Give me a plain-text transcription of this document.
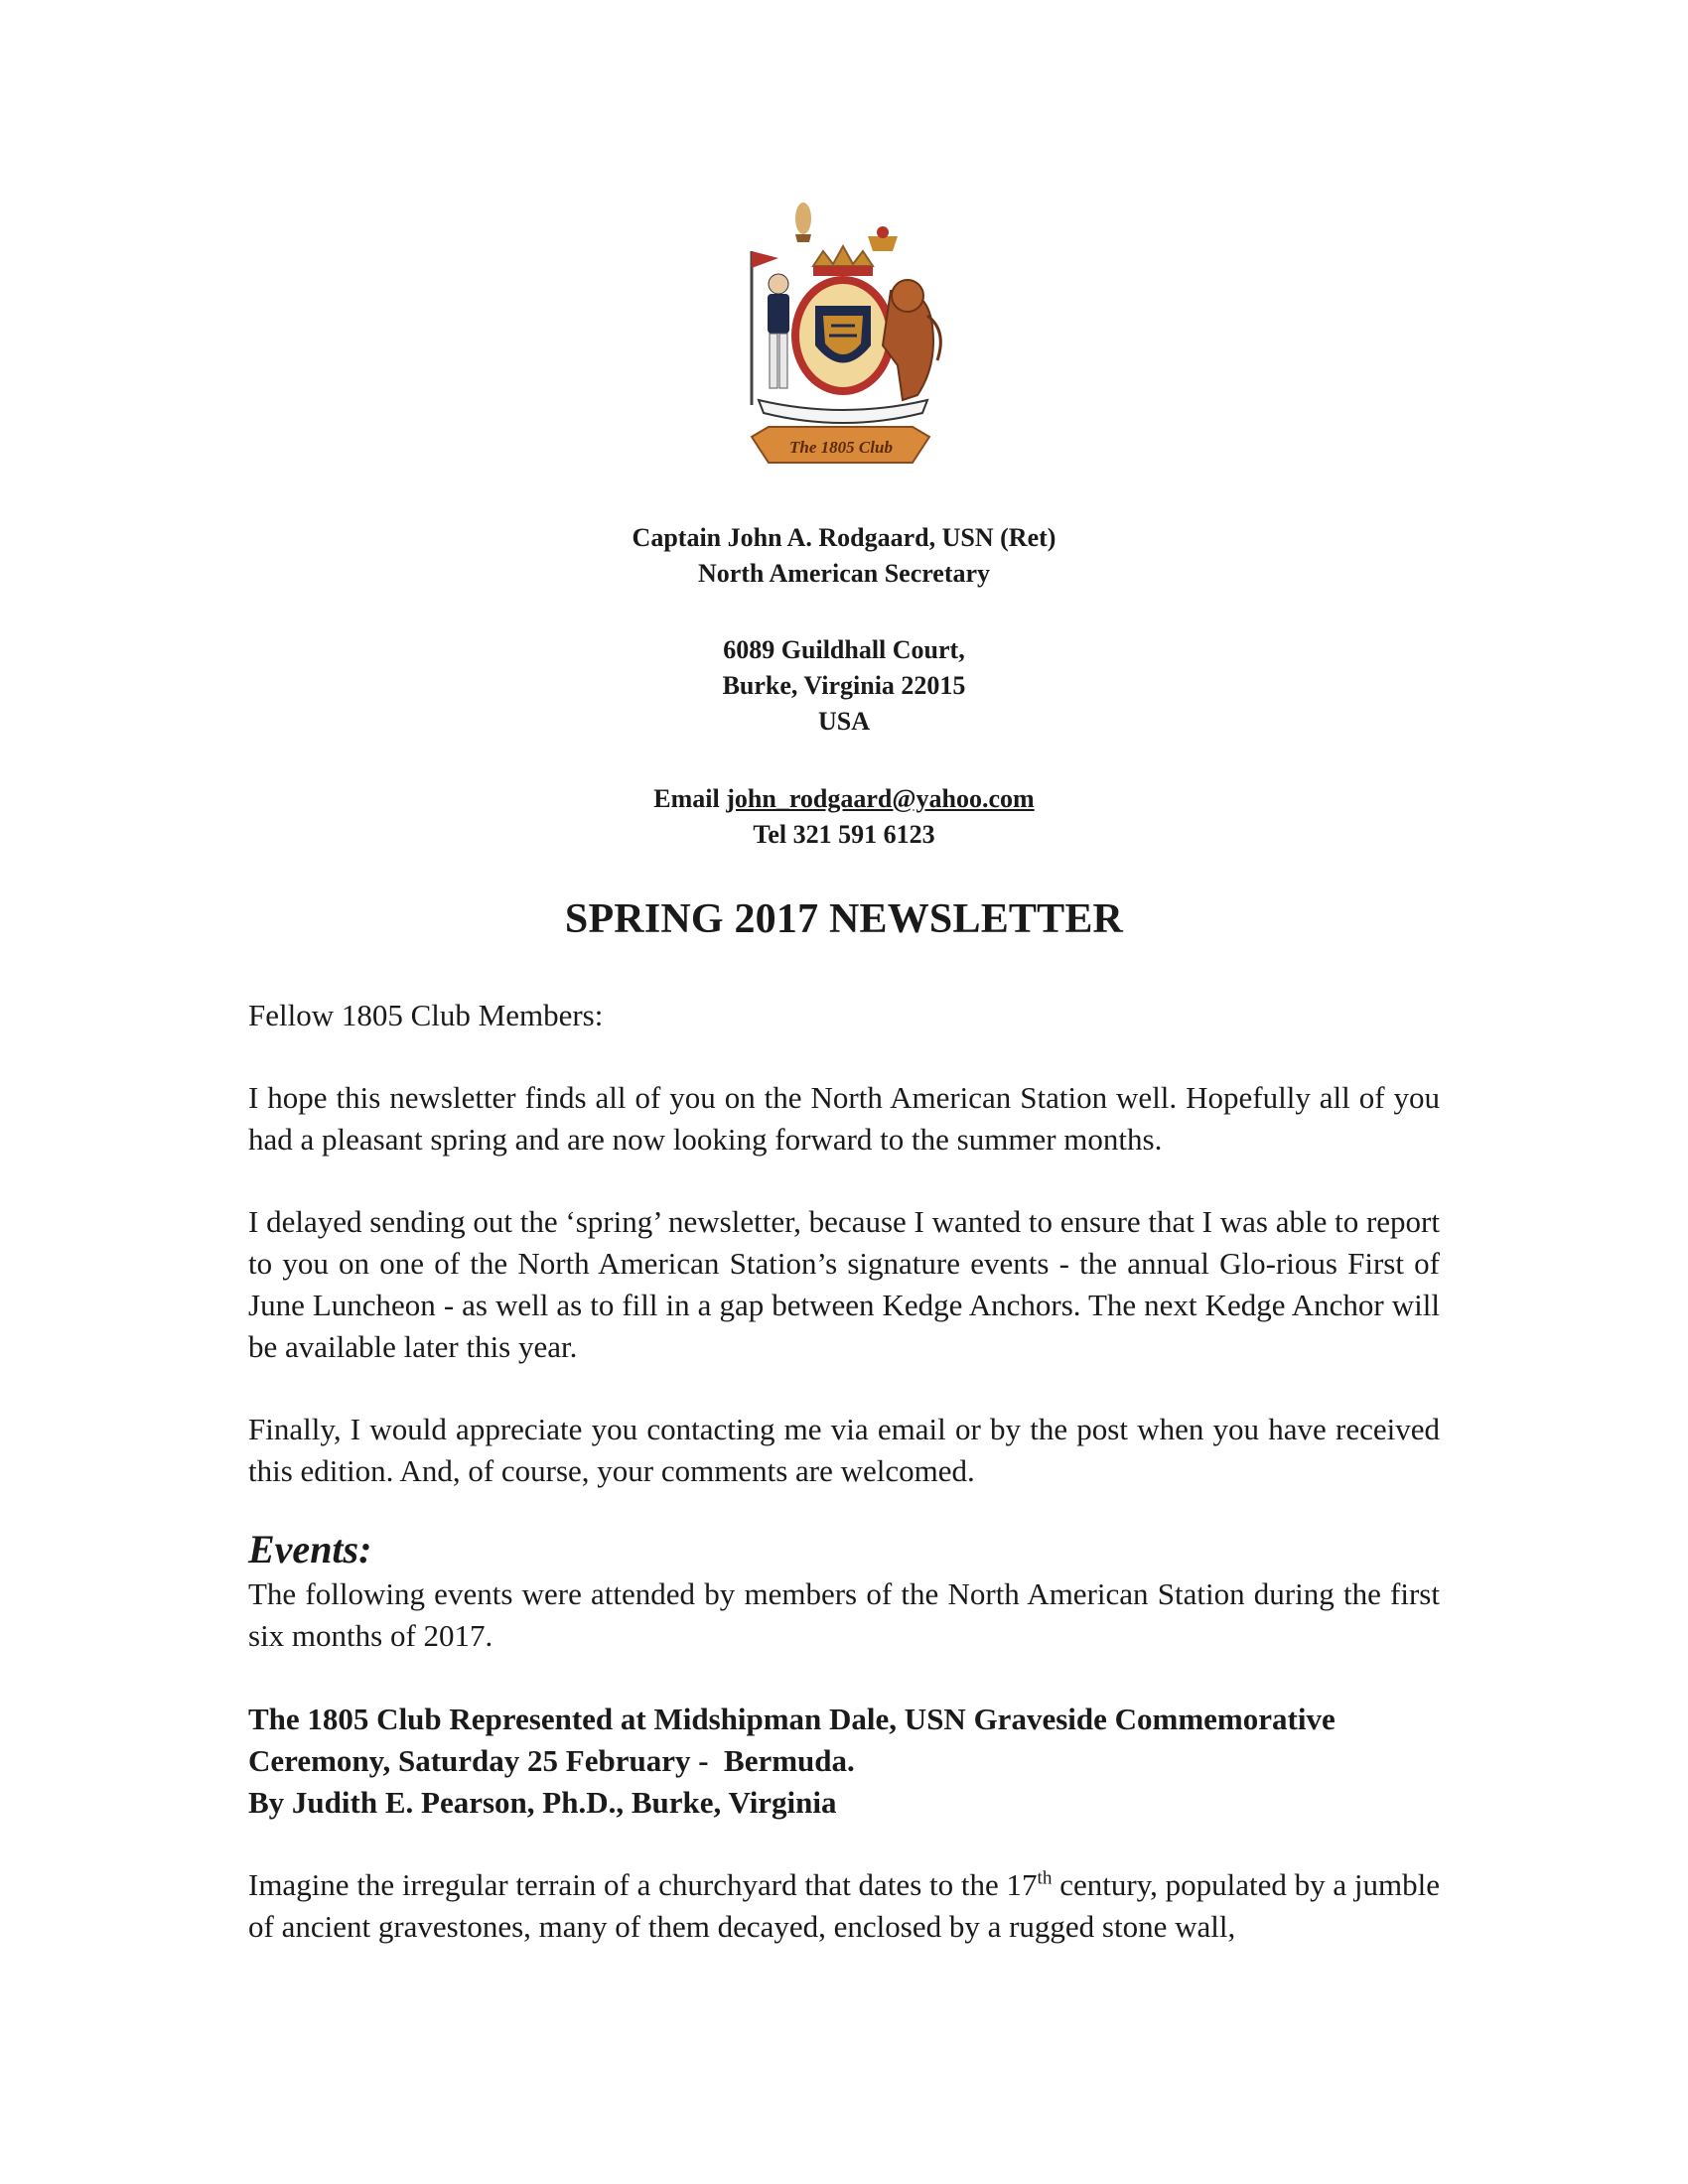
The 1805 Club
Captain John A. Rodgaard, USN (Ret)
North American Secretary
6089 Guildhall Court,
Burke, Virginia 22015
USA
Email john_rodgaard@yahoo.com
Tel 321 591 6123
SPRING 2017 NEWSLETTER

Fellow 1805 Club Members:

I hope this newsletter finds all of you on the North American Station well. Hopefully all of you had a pleasant spring and are now looking forward to the summer months.

I delayed sending out the ‘spring’ newsletter, because I wanted to ensure that I was able to report to you on one of the North American Station’s signature events - the annual Glo-rious First of June Luncheon - as well as to fill in a gap between Kedge Anchors. The next Kedge Anchor will be available later this year.

Finally, I would appreciate you contacting me via email or by the post when you have received this edition. And, of course, your comments are welcomed.

Events:

The following events were attended by members of the North American Station during the first six months of 2017.

The 1805 Club Represented at Midshipman Dale, USN Graveside Commemorative
Ceremony, Saturday 25 February -  Bermuda.
By Judith E. Pearson, Ph.D., Burke, Virginia

Imagine the irregular terrain of a churchyard that dates to the 17th century, populated by a jumble of ancient gravestones, many of them decayed, enclosed by a rugged stone wall,
